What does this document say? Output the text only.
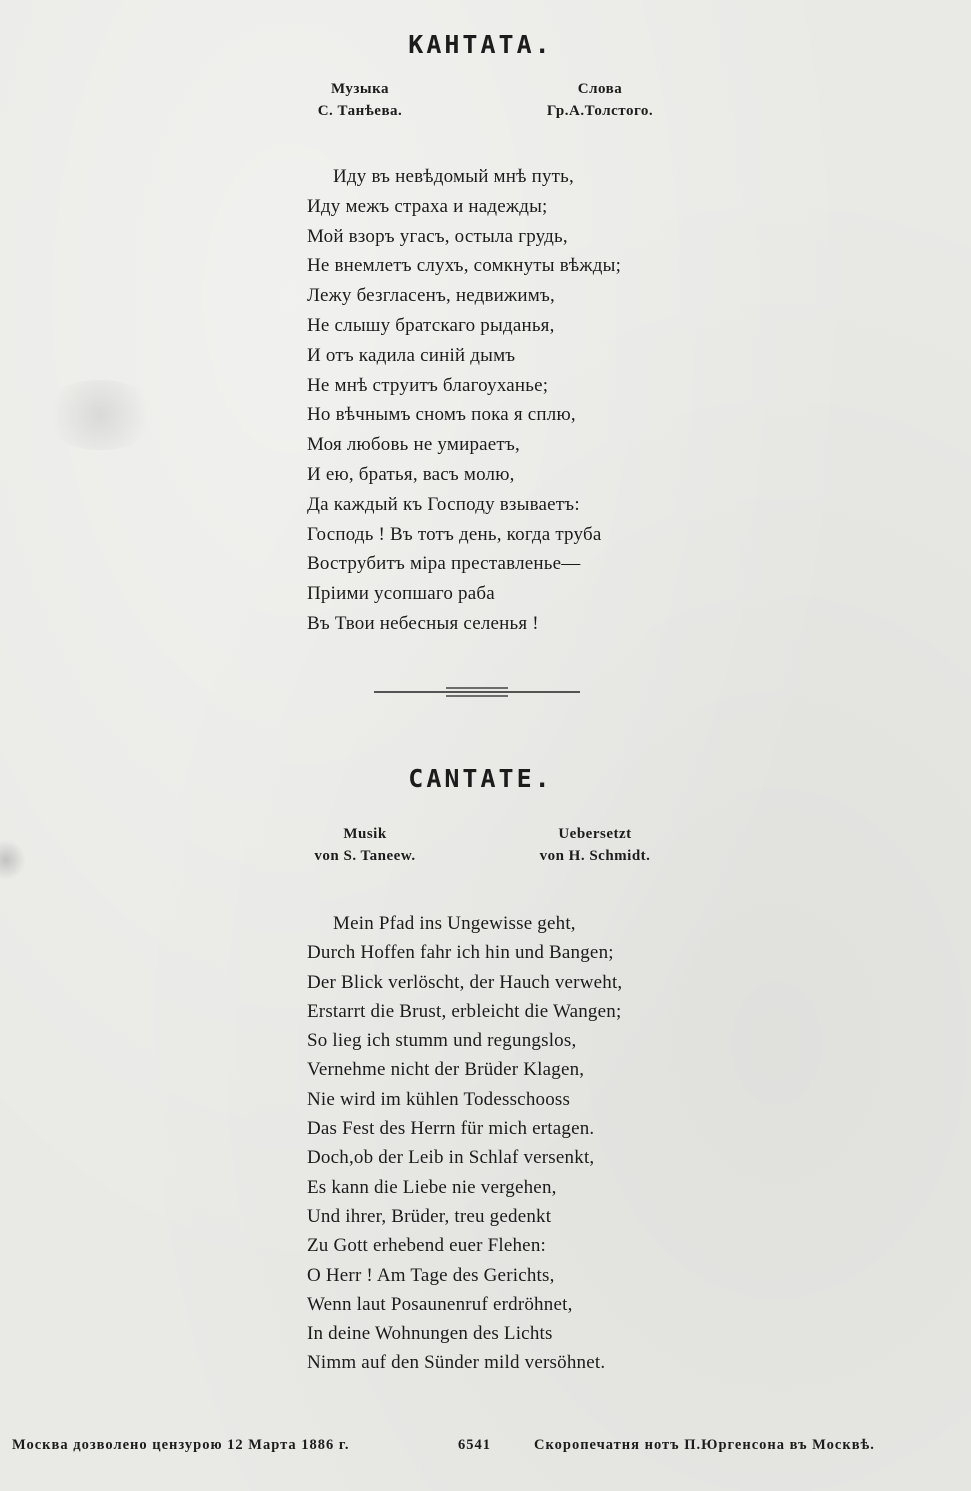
КАНТАТА.
Музыка
С. Танѣева.
Слова
Гр.А.Толстого.
Иду въ невѣдомый мнѣ путь,
Иду межъ страха и надежды;
Мой взоръ угасъ, остыла грудь,
Не внемлетъ слухъ, сомкнуты вѣжды;
Лежу безгласенъ, недвижимъ,
Не слышу братскаго рыданья,
И отъ кадила синій дымъ
Не мнѣ струитъ благоуханье;
Но вѣчнымъ сномъ пока я сплю,
Моя любовь не умираетъ,
И ею, братья, васъ молю,
Да каждый къ Господу взываетъ:
Господь ! Въ тотъ день, когда труба
Вострубитъ міра преставленье—
Пріими усопшаго раба
Въ Твои небесныя селенья !
CANTATE.
Musik
von S. Taneew.
Uebersetzt
von H. Schmidt.
Mein Pfad ins Ungewisse geht,
Durch Hoffen fahr ich hin und Bangen;
Der Blick verlöscht, der Hauch verweht,
Erstarrt die Brust, erbleicht die Wangen;
So lieg ich stumm und regungslos,
Vernehme nicht der Brüder Klagen,
Nie wird im kühlen Todesschooss
Das Fest des Herrn für mich ertagen.
Doch,ob der Leib in Schlaf versenkt,
Es kann die Liebe nie vergehen,
Und ihrer, Brüder, treu gedenkt
Zu Gott erhebend euer Flehen:
O Herr ! Am Tage des Gerichts,
Wenn laut Posaunenruf erdröhnet,
In deine Wohnungen des Lichts
Nimm auf den Sünder mild versöhnet.
Москва дозволено цензурою 12 Марта 1886 г.	6541	Скоропечатня нотъ П.Юргенсона въ Москвѣ.
